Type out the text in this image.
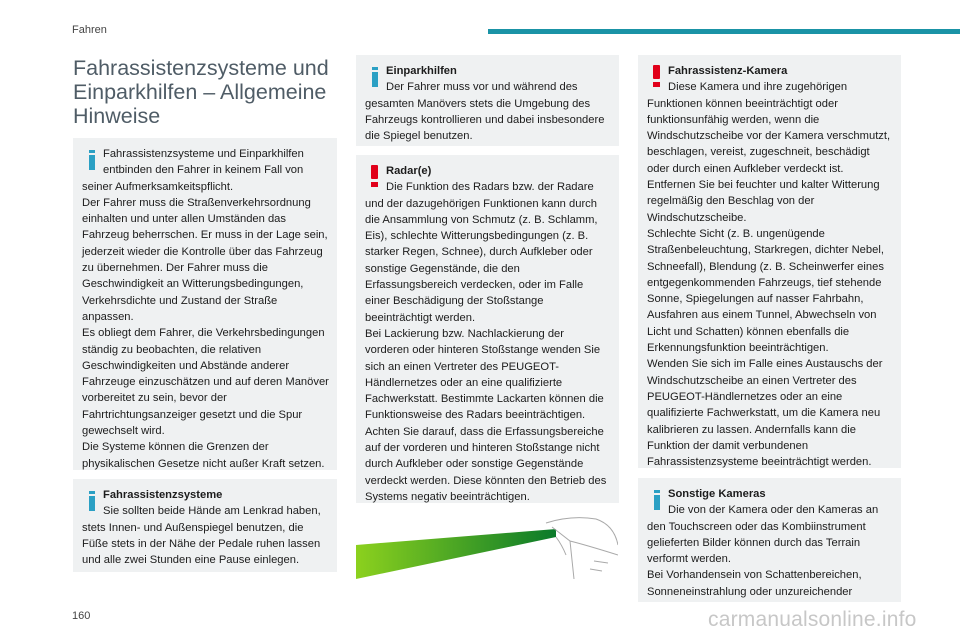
Fahren
Fahrassistenzsysteme und Einparkhilfen – Allgemeine Hinweise

Fahrassistenzsysteme und Einparkhilfen entbinden den Fahrer in keinem Fall von seiner Aufmerksamkeitspflicht.
Der Fahrer muss die Straßenverkehrsordnung einhalten und unter allen Umständen das Fahrzeug beherrschen. Er muss in der Lage sein, jederzeit wieder die Kontrolle über das Fahrzeug zu übernehmen. Der Fahrer muss die Geschwindigkeit an Witterungsbedingungen, Verkehrsdichte und Zustand der Straße anpassen.
Es obliegt dem Fahrer, die Verkehrsbedingungen ständig zu beobachten, die relativen Geschwindigkeiten und Abstände anderer Fahrzeuge einzuschätzen und auf deren Manöver vorbereitet zu sein, bevor der Fahrtrichtungsanzeiger gesetzt und die Spur gewechselt wird.
Die Systeme können die Grenzen der physikalischen Gesetze nicht außer Kraft setzen.

Fahrassistenzsysteme

Sie sollten beide Hände am Lenkrad haben, stets Innen- und Außenspiegel benutzen, die Füße stets in der Nähe der Pedale ruhen lassen und alle zwei Stunden eine Pause einlegen.

Einparkhilfen

Der Fahrer muss vor und während des gesamten Manövers stets die Umgebung des Fahrzeugs kontrollieren und dabei insbesondere die Spiegel benutzen.

Radar(e)

Die Funktion des Radars bzw. der Radare und der dazugehörigen Funktionen kann durch die Ansammlung von Schmutz (z. B. Schlamm, Eis), schlechte Witterungsbedingungen (z. B. starker Regen, Schnee), durch Aufkleber oder sonstige Gegenstände, die den Erfassungsbereich verdecken, oder im Falle einer Beschädigung der Stoßstange beeinträchtigt werden.
Bei Lackierung bzw. Nachlackierung der vorderen oder hinteren Stoßstange wenden Sie sich an einen Vertreter des PEUGEOT-Händlernetzes oder an eine qualifizierte Fachwerkstatt. Bestimmte Lackarten können die Funktionsweise des Radars beeinträchtigen.
Achten Sie darauf, dass die Erfassungsbereiche auf der vorderen und hinteren Stoßstange nicht durch Aufkleber oder sonstige Gegenstände verdeckt werden. Diese könnten den Betrieb des Systems negativ beeinträchtigen.

Fahrassistenz-Kamera

Diese Kamera und ihre zugehörigen Funktionen können beeinträchtigt oder funktionsunfähig werden, wenn die Windschutzscheibe vor der Kamera verschmutzt, beschlagen, vereist, zugeschneit, beschädigt oder durch einen Aufkleber verdeckt ist.
Entfernen Sie bei feuchter und kalter Witterung regelmäßig den Beschlag von der Windschutzscheibe.
Schlechte Sicht (z. B. ungenügende Straßenbeleuchtung, Starkregen, dichter Nebel, Schneefall), Blendung (z. B. Scheinwerfer eines entgegenkommenden Fahrzeugs, tief stehende Sonne, Spiegelungen auf nasser Fahrbahn, Ausfahren aus einem Tunnel, Abwechseln von Licht und Schatten) können ebenfalls die Erkennungsfunktion beeinträchtigen.
Wenden Sie sich im Falle eines Austauschs der Windschutzscheibe an einen Vertreter des PEUGEOT-Händlernetzes oder an eine qualifizierte Fachwerkstatt, um die Kamera neu kalibrieren zu lassen. Andernfalls kann die Funktion der damit verbundenen Fahrassistenzsysteme beeinträchtigt werden.

Sonstige Kameras

Die von der Kamera oder den Kameras an den Touchscreen oder das Kombiinstrument gelieferten Bilder können durch das Terrain verformt werden.
Bei Vorhandensein von Schattenbereichen, Sonneneinstrahlung oder unzureichender

160	carmanualsonline.info
